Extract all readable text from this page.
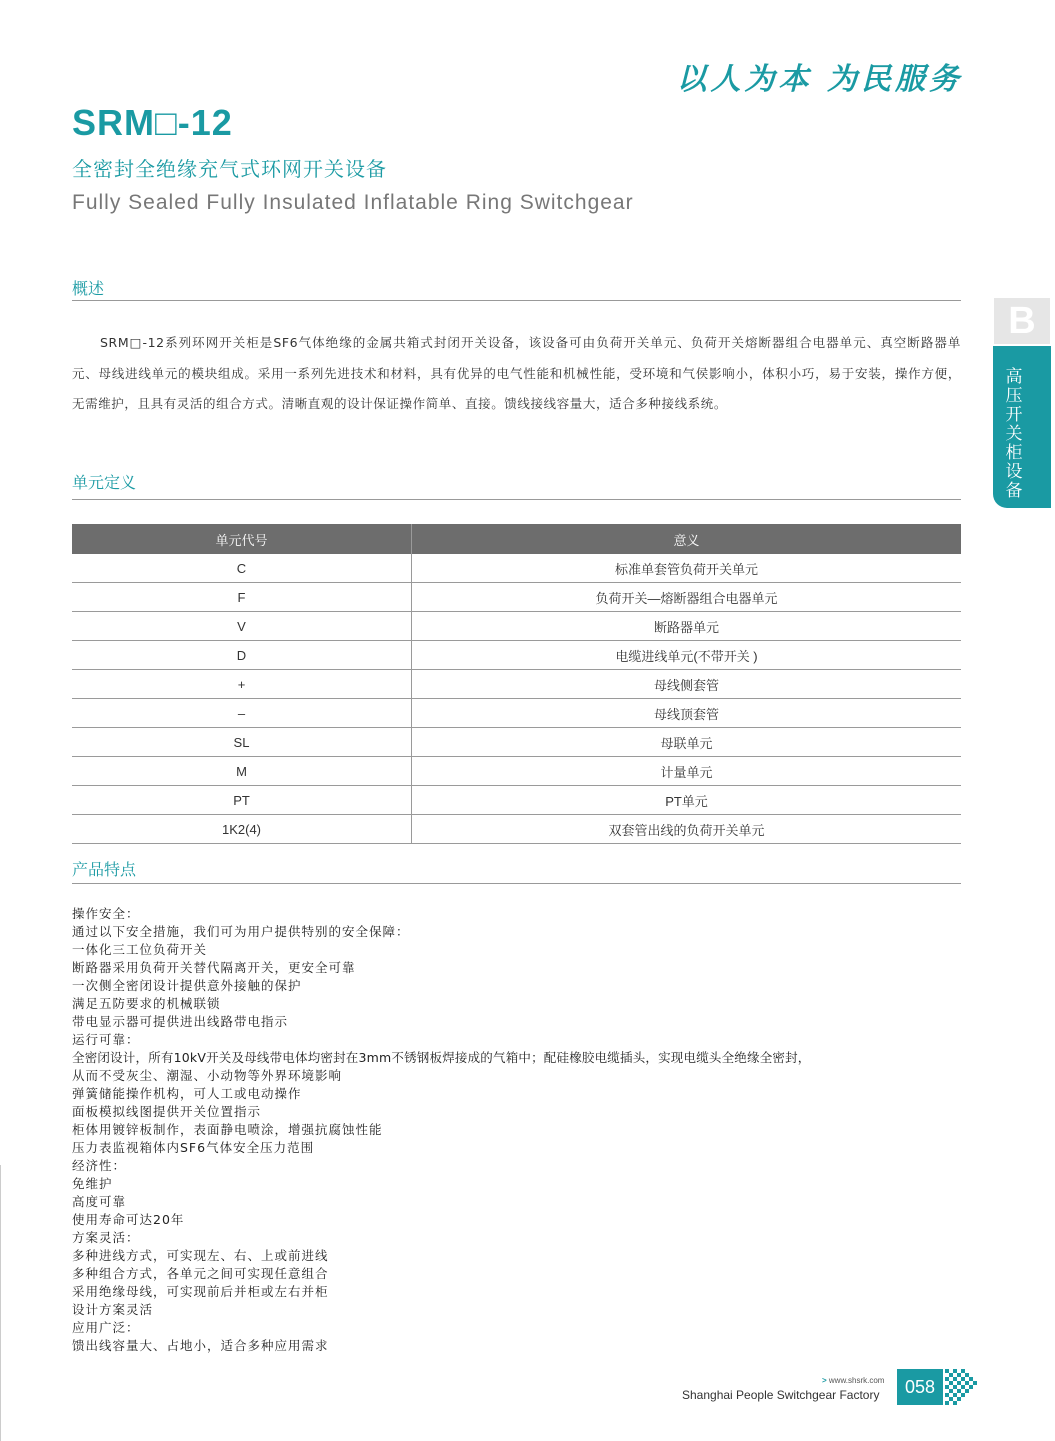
以人为本 为民服务
SRM□-12
全密封全绝缘充气式环网开关设备
Fully Sealed Fully Insulated Inflatable Ring Switchgear
B
高压开关柜设备
概述
SRM□-12系列环网开关柜是SF6气体绝缘的金属共箱式封闭开关设备，该设备可由负荷开关单元、负荷开关熔断器组合电器单元、真空断路器单元、母线进线单元的模块组成。采用一系列先进技术和材料，具有优异的电气性能和机械性能，受环境和气侯影响小，体积小巧，易于安装，操作方便，无需维护，且具有灵活的组合方式。清晰直观的设计保证操作简单、直接。馈线接线容量大，适合多种接线系统。
单元定义
单元代号	意义
C	标准单套管负荷开关单元
F	负荷开关—熔断器组合电器单元
V	断路器单元
D	电缆进线单元(不带开关 )
+	母线侧套管
–	母线顶套管
SL	母联单元
M	计量单元
PT	PT单元
1K2(4)	双套管出线的负荷开关单元
产品特点
操作安全：
通过以下安全措施，我们可为用户提供特别的安全保障：
一体化三工位负荷开关
断路器采用负荷开关替代隔离开关，更安全可靠
一次侧全密闭设计提供意外接触的保护
满足五防要求的机械联锁
带电显示器可提供进出线路带电指示
运行可靠：
全密闭设计，所有10kV开关及母线带电体均密封在3mm不锈钢板焊接成的气箱中；配硅橡胶电缆插头，实现电缆头全绝缘全密封，
从而不受灰尘、潮湿、小动物等外界环境影响
弹簧储能操作机构，可人工或电动操作
面板模拟线图提供开关位置指示
柜体用镀锌板制作，表面静电喷涂，增强抗腐蚀性能
压力表监视箱体内SF6气体安全压力范围
经济性：
免维护
高度可靠
使用寿命可达20年
方案灵活：
多种进线方式，可实现左、右、上或前进线
多种组合方式，各单元之间可实现任意组合
采用绝缘母线，可实现前后并柜或左右并柜
设计方案灵活
应用广泛：
馈出线容量大、占地小，适合多种应用需求
> www.shsrk.com
Shanghai People Switchgear Factory	058
